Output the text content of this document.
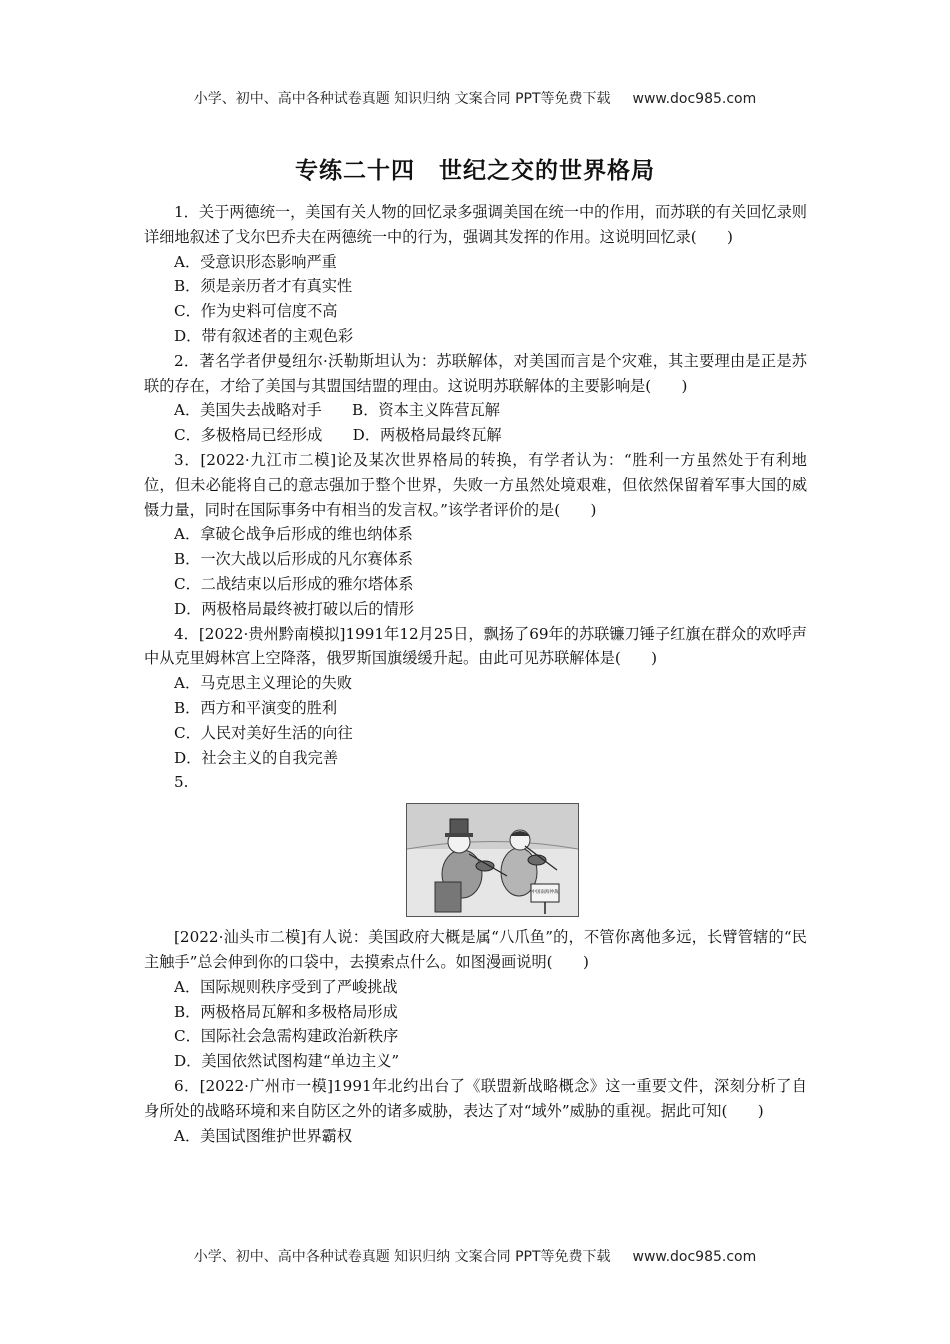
小学、初中、高中各种试卷真题 知识归纳 文案合同 PPT等免费下载 www.doc985.com
专练二十四　世纪之交的世界格局

1．关于两德统一，美国有关人物的回忆录多强调美国在统一中的作用，而苏联的有关回忆录则详细地叙述了戈尔巴乔夫在两德统一中的行为，强调其发挥的作用。这说明回忆录(　　)

A．受意识形态影响严重

B．须是亲历者才有真实性

C．作为史料可信度不高

D．带有叙述者的主观色彩

2．著名学者伊曼纽尔·沃勒斯坦认为：苏联解体，对美国而言是个灾难，其主要理由是正是苏联的存在，才给了美国与其盟国结盟的理由。这说明苏联解体的主要影响是(　　)

A．美国失去战略对手　　B．资本主义阵营瓦解

C．多极格局已经形成　　D．两极格局最终瓦解

3．[2022·九江市二模]论及某次世界格局的转换，有学者认为：“胜利一方虽然处于有利地位，但未必能将自己的意志强加于整个世界，失败一方虽然处境艰难，但依然保留着军事大国的威慑力量，同时在国际事务中有相当的发言权。”该学者评价的是(　　)

A．拿破仑战争后形成的维也纳体系

B．一次大战以后形成的凡尔赛体系

C．二战结束以后形成的雅尔塔体系

D．两极格局最终被打破以后的情形

4．[2022·贵州黔南模拟]1991年12月25日，飘扬了69年的苏联镰刀锤子红旗在群众的欢呼声中从克里姆林宫上空降落，俄罗斯国旗缓缓升起。由此可见苏联解体是(　　)

A．马克思主义理论的失败

B．西方和平演变的胜利

C．人民对美好生活的向往

D．社会主义的自我完善

5.

中国南海仲裁

[2022·汕头市二模]有人说：美国政府大概是属“八爪鱼”的，不管你离他多远，长臂管辖的“民主触手”总会伸到你的口袋中，去摸索点什么。如图漫画说明(　　)

A．国际规则秩序受到了严峻挑战

B．两极格局瓦解和多极格局形成

C．国际社会急需构建政治新秩序

D．美国依然试图构建“单边主义”

6．[2022·广州市一模]1991年北约出台了《联盟新战略概念》这一重要文件，深刻分析了自身所处的战略环境和来自防区之外的诸多威胁，表达了对“域外”威胁的重视。据此可知(　　)

A．美国试图维护世界霸权

小学、初中、高中各种试卷真题 知识归纳 文案合同 PPT等免费下载 www.doc985.com
